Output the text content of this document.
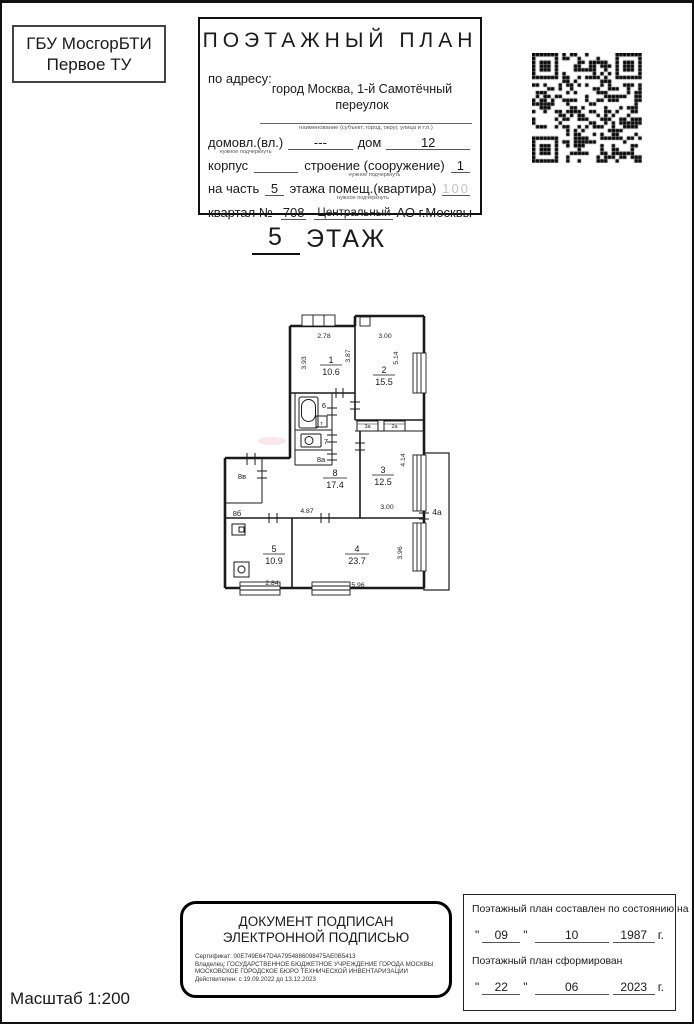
ГБУ МосгорБТИ
Первое ТУ
ПОЭТАЖНЫЙ ПЛАН
по адресу:
город Москва, 1-й Самотёчный
переулок
наименование (субъект, город, округ, улица и т.п.)
домовл.(вл.)
нужное подчеркнуть
---	дом	12
корпус	строение (сооружение)
нужное подчеркнуть
1
на часть 5 этажа помещ.(квартира)
нужное подчеркнуть
100
квартал № 708 Центральный АО г.Москвы
5 ЭТАЖ
1
10.6	2
15.5
3
12.5
4
23.7
5
10.9
8
17.4
6
7
8а
8б
8в
4а
т	3а	2а
2.78	3.00
3.93
3.87	5.14
4.14
3.00
4.87
2.84	5.96
3.96
ДОКУМЕНТ ПОДПИСАН
ЭЛЕКТРОННОЙ ПОДПИСЬЮ
Сертификат: 00E749E647D4A7954886098475AE0B5413
Владелец: ГОСУДАРСТВЕННОЕ БЮДЖЕТНОЕ УЧРЕЖДЕНИЕ ГОРОДА МОСКВЫ
МОСКОВСКОЕ ГОРОДСКОЕ БЮРО ТЕХНИЧЕСКОЙ ИНВЕНТАРИЗАЦИИ
Действителен: с 19.09.2022 до 13.12.2023
Поэтажный план составлен по состоянию на
"	09	"	10	1987 г.
Поэтажный план сформирован
"	22	"	06	2023 г.
Масштаб 1:200
